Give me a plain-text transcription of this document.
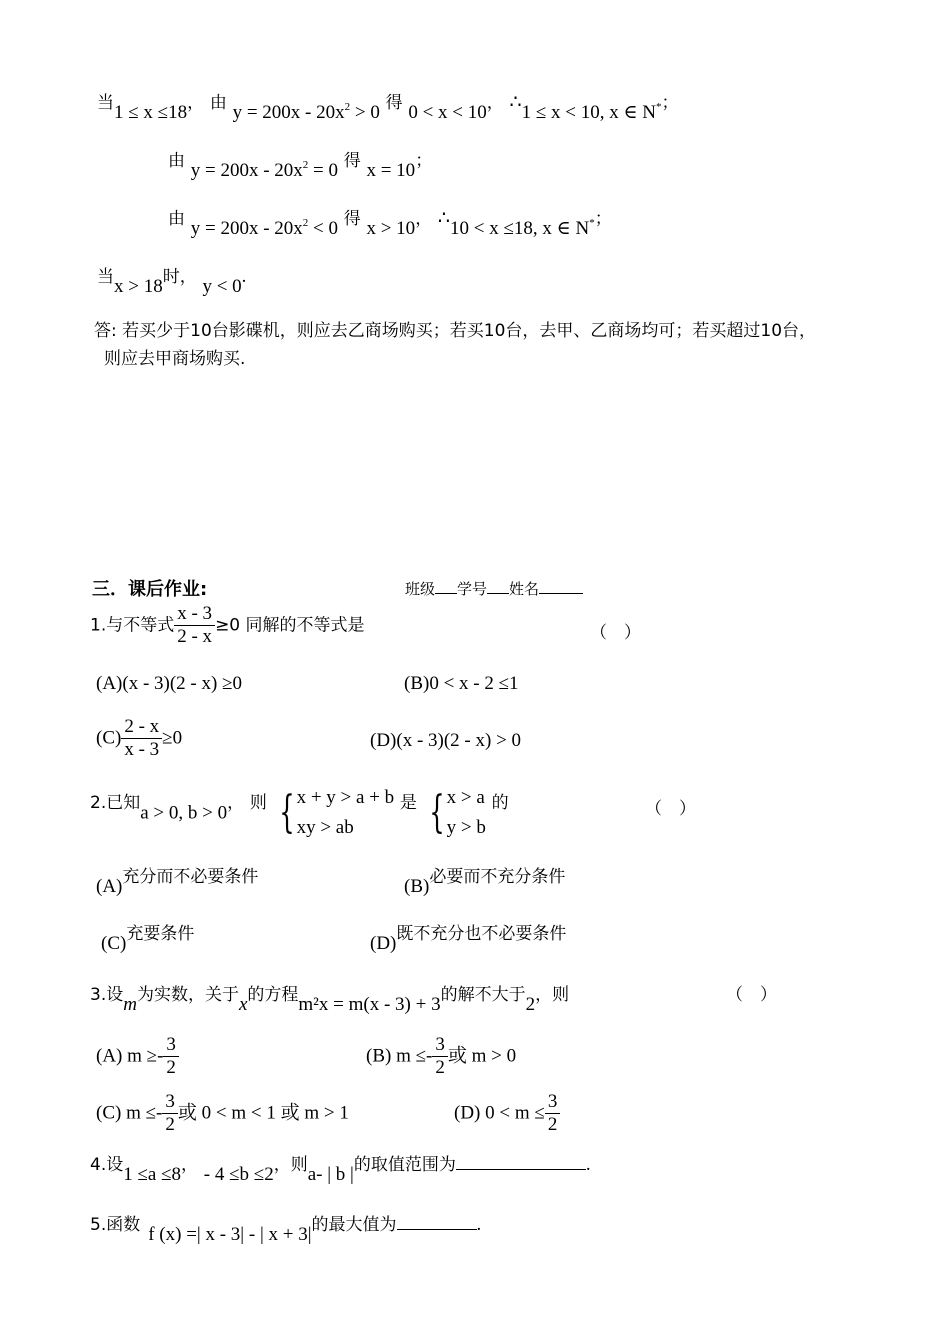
当1 ≤ x ≤18， 由 $y = 200x - 20x^2 > 0$ 得 0 < x < 10， ∴1 ≤ x < 10, x ∈ N*；
由 $y = 200x - 20x^2 = 0$ 得 x = 10；
由 $y = 200x - 20x^2 < 0$ 得 x > 10， ∴10 < x ≤18, x ∈ N*；
当x > 18时， y < 0.
答: 若买少于10台影碟机，则应去乙商场购买；若买10台，去甲、乙商场均可；若买超过10台，
则应去甲商场购买.
三．课后作业:	班级 学号 姓名
1.与不等式 $\frac{x - 3}{2 - x} \ge 0$ 同解的不等式是	（　）
(A)(x - 3)(2 - x) ≥0	(B)0 < x - 2 ≤1
$(C) \frac{2 - x}{x - 3} \ge 0$	(D)(x - 3)(2 - x) > 0
2.已知a > 0, b > 0， 则 { x + y > a + b
xy > ab 是 { x > a
y > b 的	（　）
(A)充分而不必要条件	(B)必要而不充分条件
(C)充要条件	(D)既不充分也不必要条件
3.设m为实数，关于x的方程m²x = m(x - 3) + 3的解不大于2，则	（　）
(A) $m \ge- \frac{3}{2}$	(B) $m \le- \frac{3}{2}$ 或 m > 0
(C) $m \le- \frac{3}{2}$ 或 0 < m < 1 或 m > 1	(D) $0 < m \le \frac{3}{2}$
4.设1 ≤a ≤8， - 4 ≤b ≤2，则a- | b |的取值范围为	.
5.函数 f (x) =| x - 3| - | x + 3|的最大值为	.
